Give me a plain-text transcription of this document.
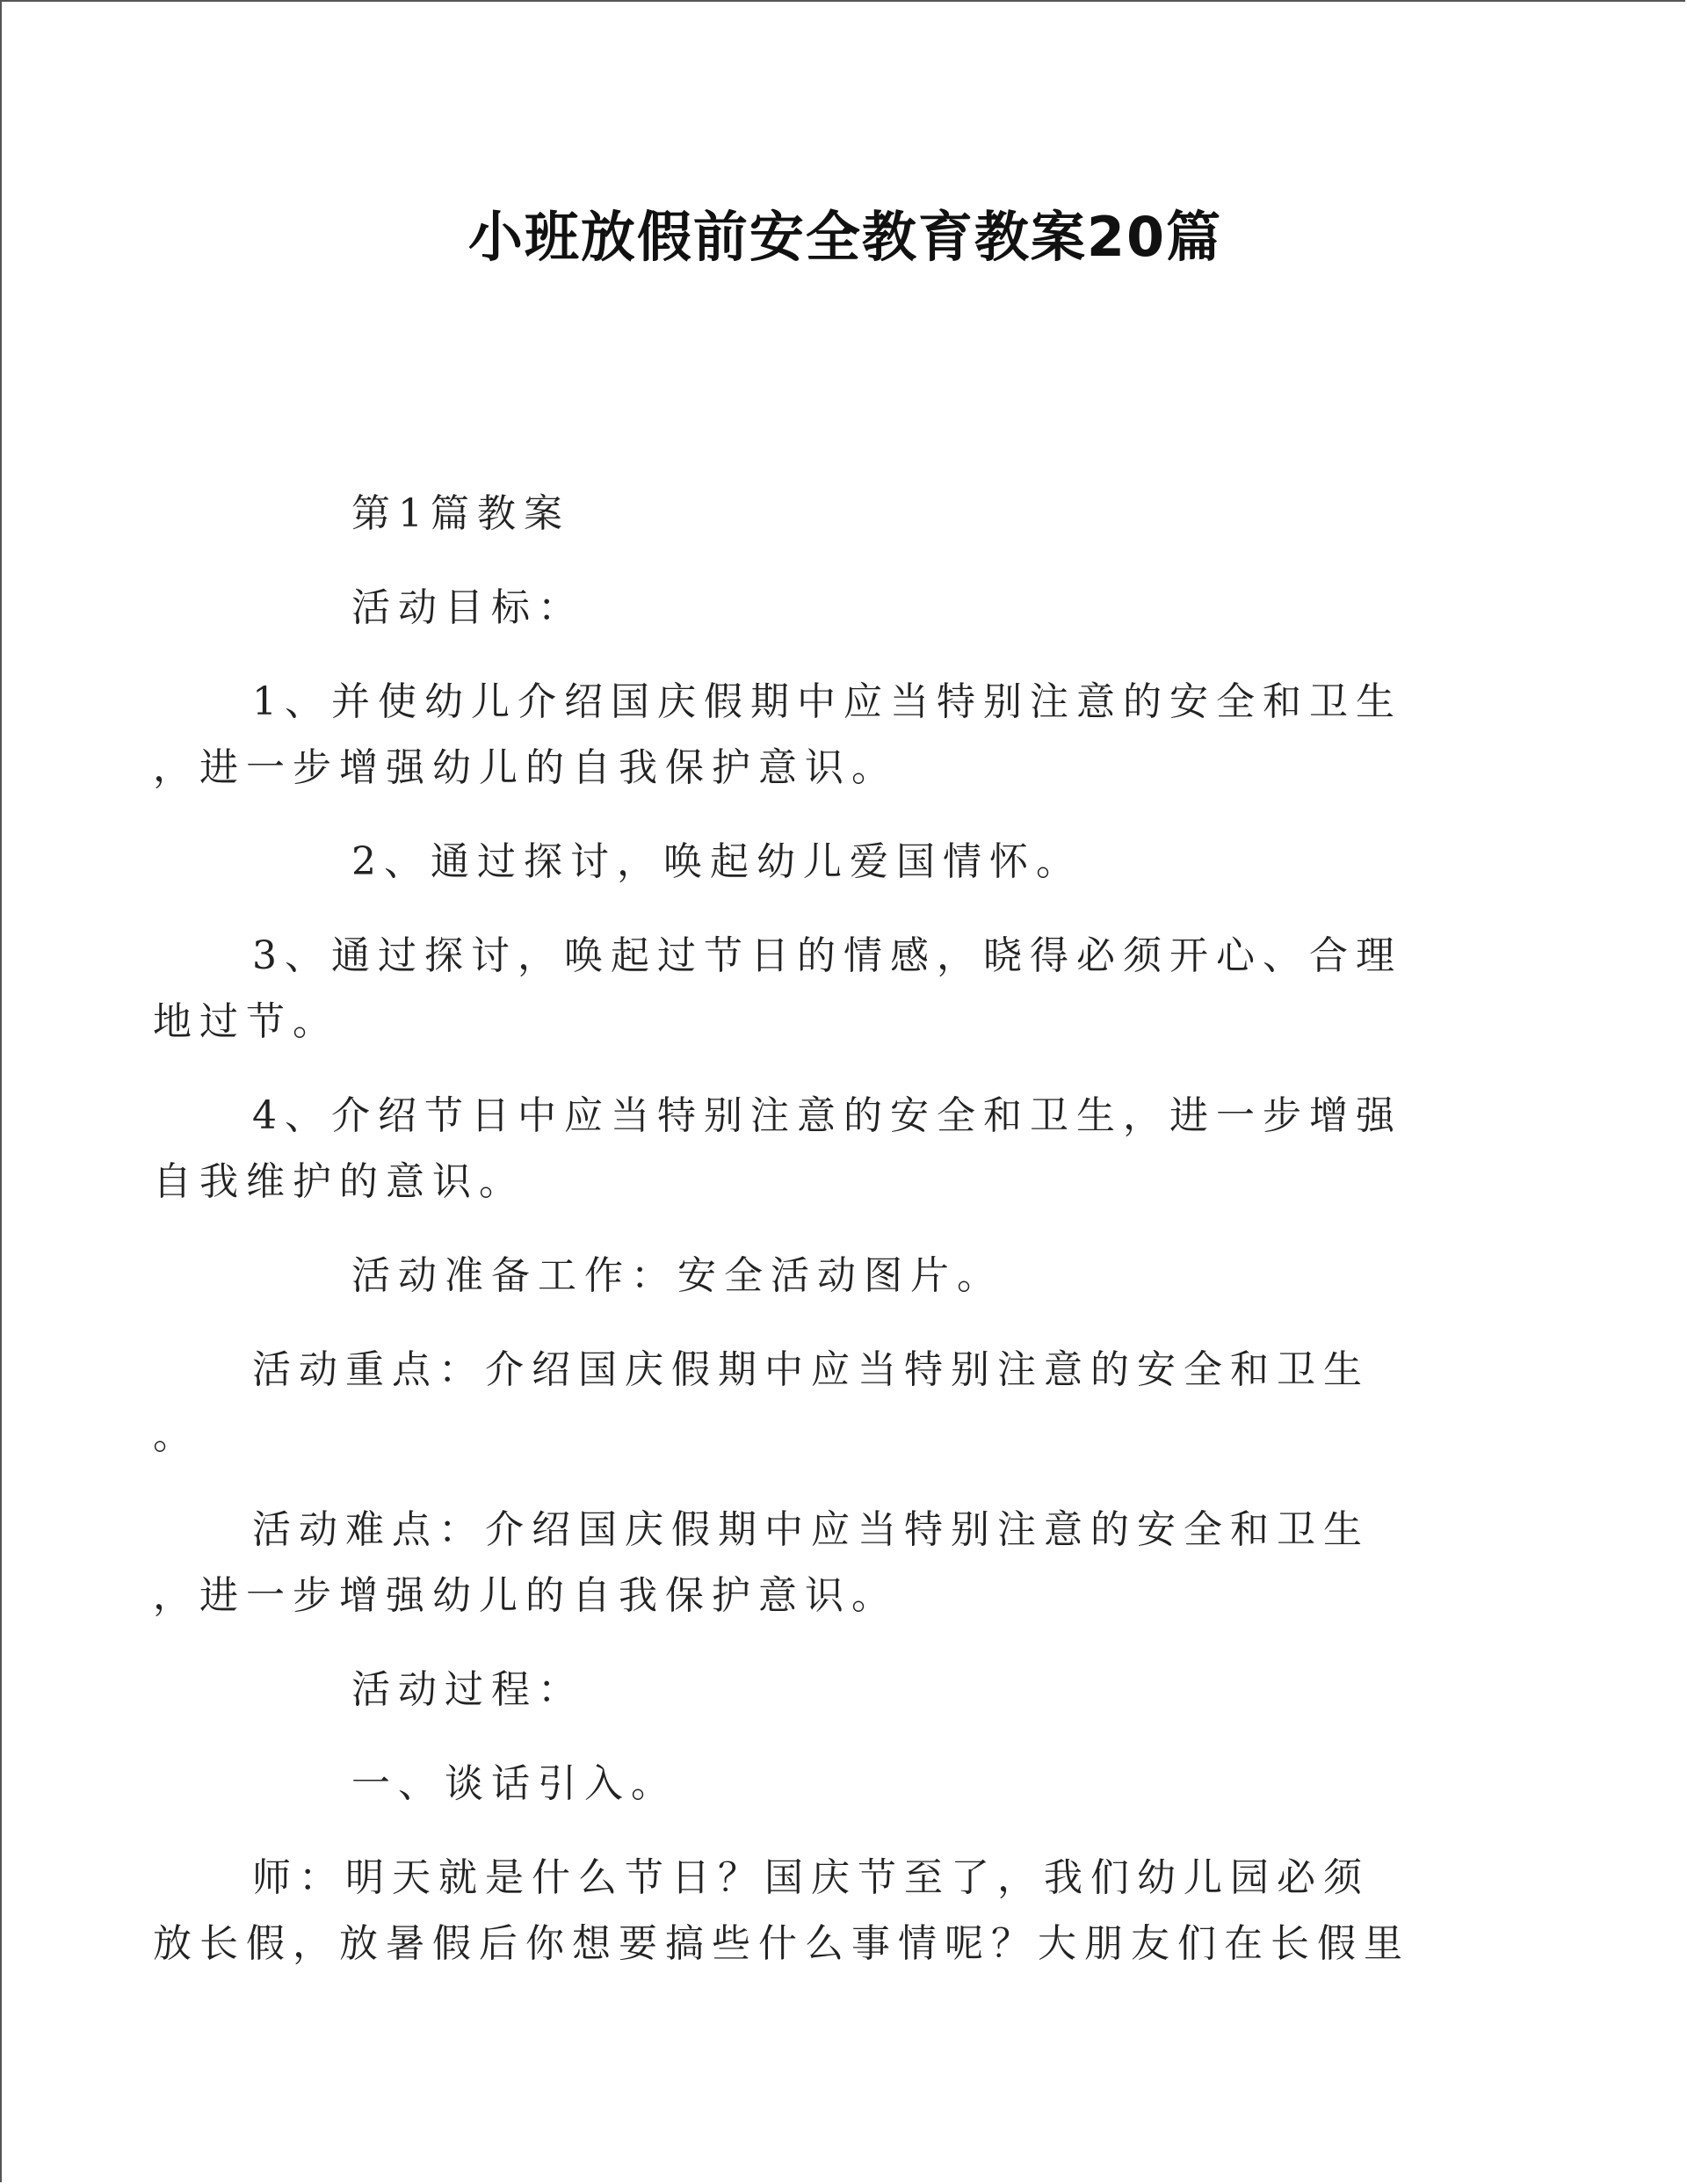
小班放假前安全教育教案20篇

第1篇教案

活动目标：

1、并使幼儿介绍国庆假期中应当特别注意的安全和卫生
，进一步增强幼儿的自我保护意识。

2、通过探讨，唤起幼儿爱国情怀。

3、通过探讨，唤起过节日的情感，晓得必须开心、合理
地过节。

4、介绍节日中应当特别注意的安全和卫生，进一步增强
自我维护的意识。

活动准备工作：安全活动图片。

活动重点：介绍国庆假期中应当特别注意的安全和卫生
。

活动难点：介绍国庆假期中应当特别注意的安全和卫生
，进一步增强幼儿的自我保护意识。

活动过程：

一、谈话引入。

师：明天就是什么节日？国庆节至了，我们幼儿园必须
放长假，放暑假后你想要搞些什么事情呢？大朋友们在长假里
